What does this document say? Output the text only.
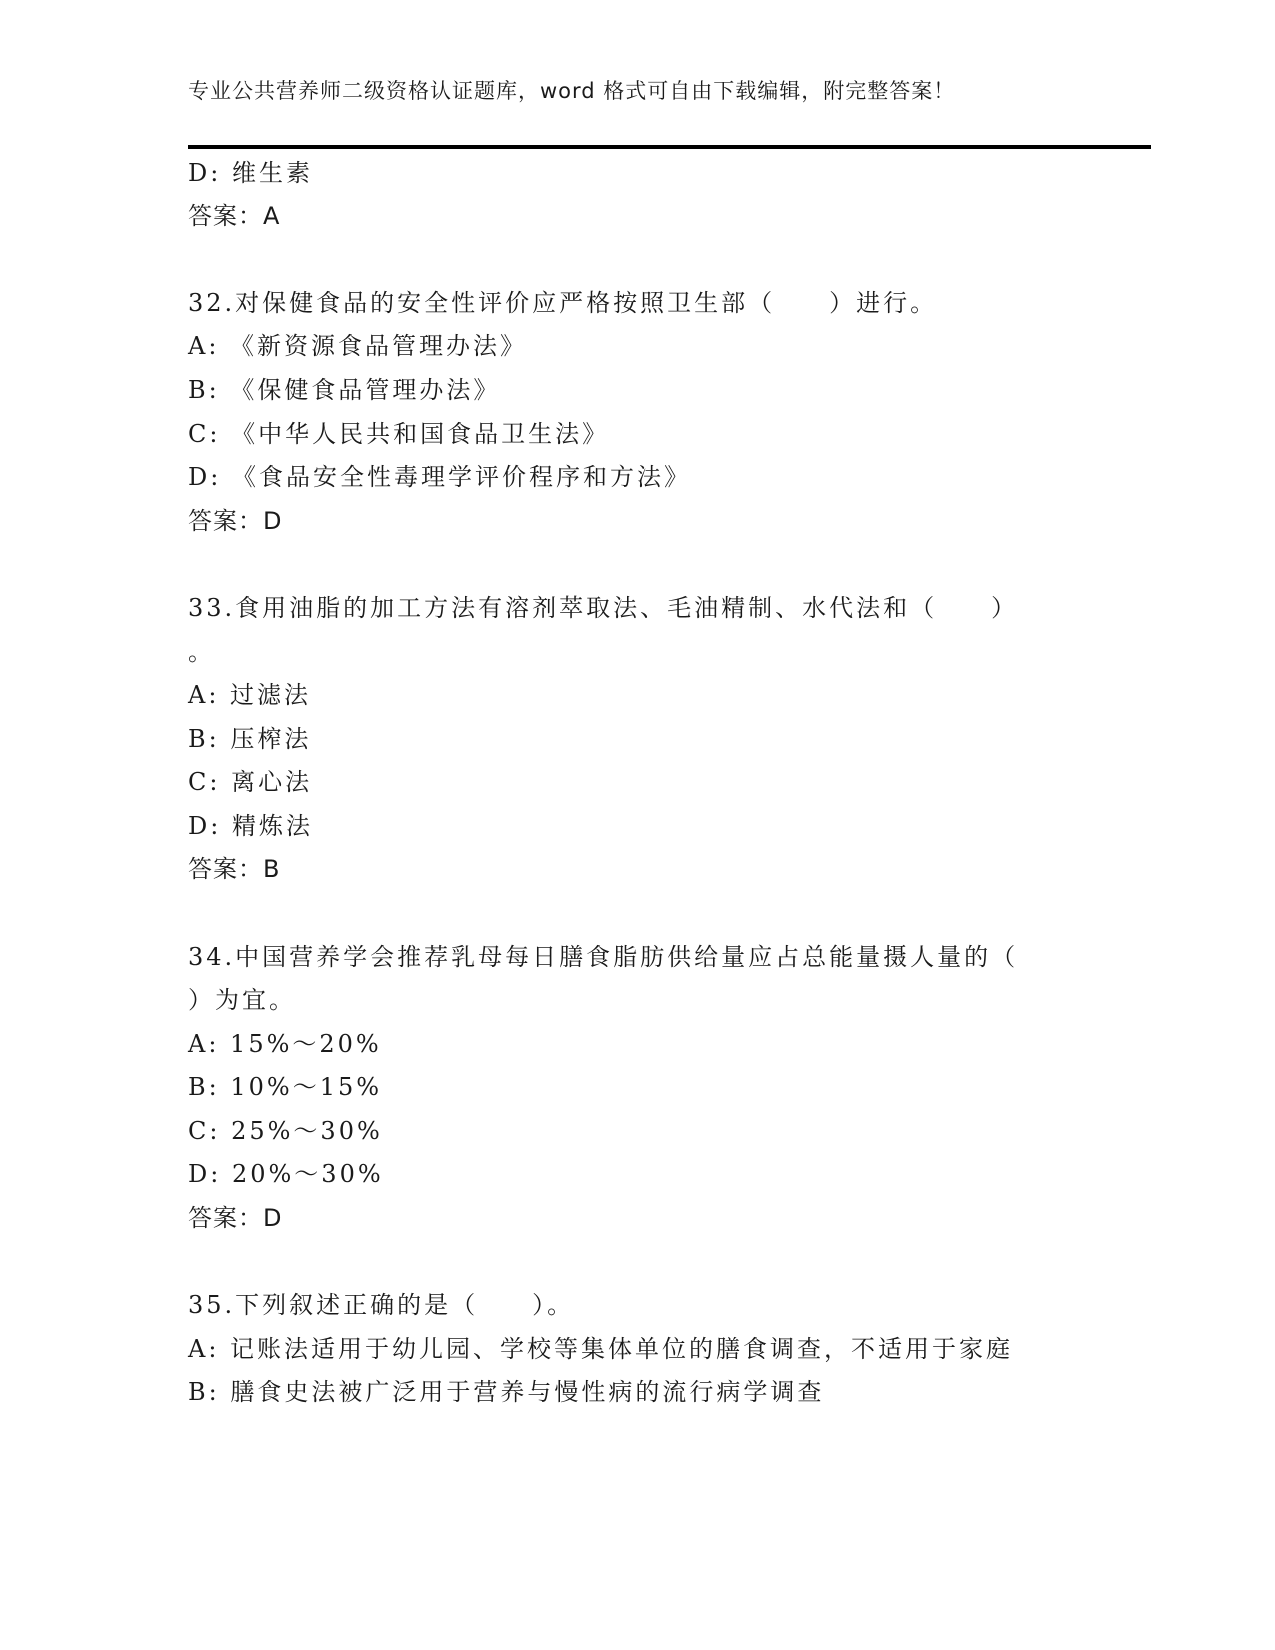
专业公共营养师二级资格认证题库，word 格式可自由下载编辑，附完整答案！
D: 维生素
答案：A
32.对保健食品的安全性评价应严格按照卫生部（　　）进行。
A: 《新资源食品管理办法》
B: 《保健食品管理办法》
C: 《中华人民共和国食品卫生法》
D: 《食品安全性毒理学评价程序和方法》
答案：D
33.食用油脂的加工方法有溶剂萃取法、毛油精制、水代法和（　　）
。
A: 过滤法
B: 压榨法
C: 离心法
D: 精炼法
答案：B
34.中国营养学会推荐乳母每日膳食脂肪供给量应占总能量摄人量的（
）为宜。
A: 15%～20%
B: 10%～15%
C: 25%～30%
D: 20%～30%
答案：D
35.下列叙述正确的是（　　）。
A: 记账法适用于幼儿园、学校等集体单位的膳食调查，不适用于家庭
B: 膳食史法被广泛用于营养与慢性病的流行病学调查
